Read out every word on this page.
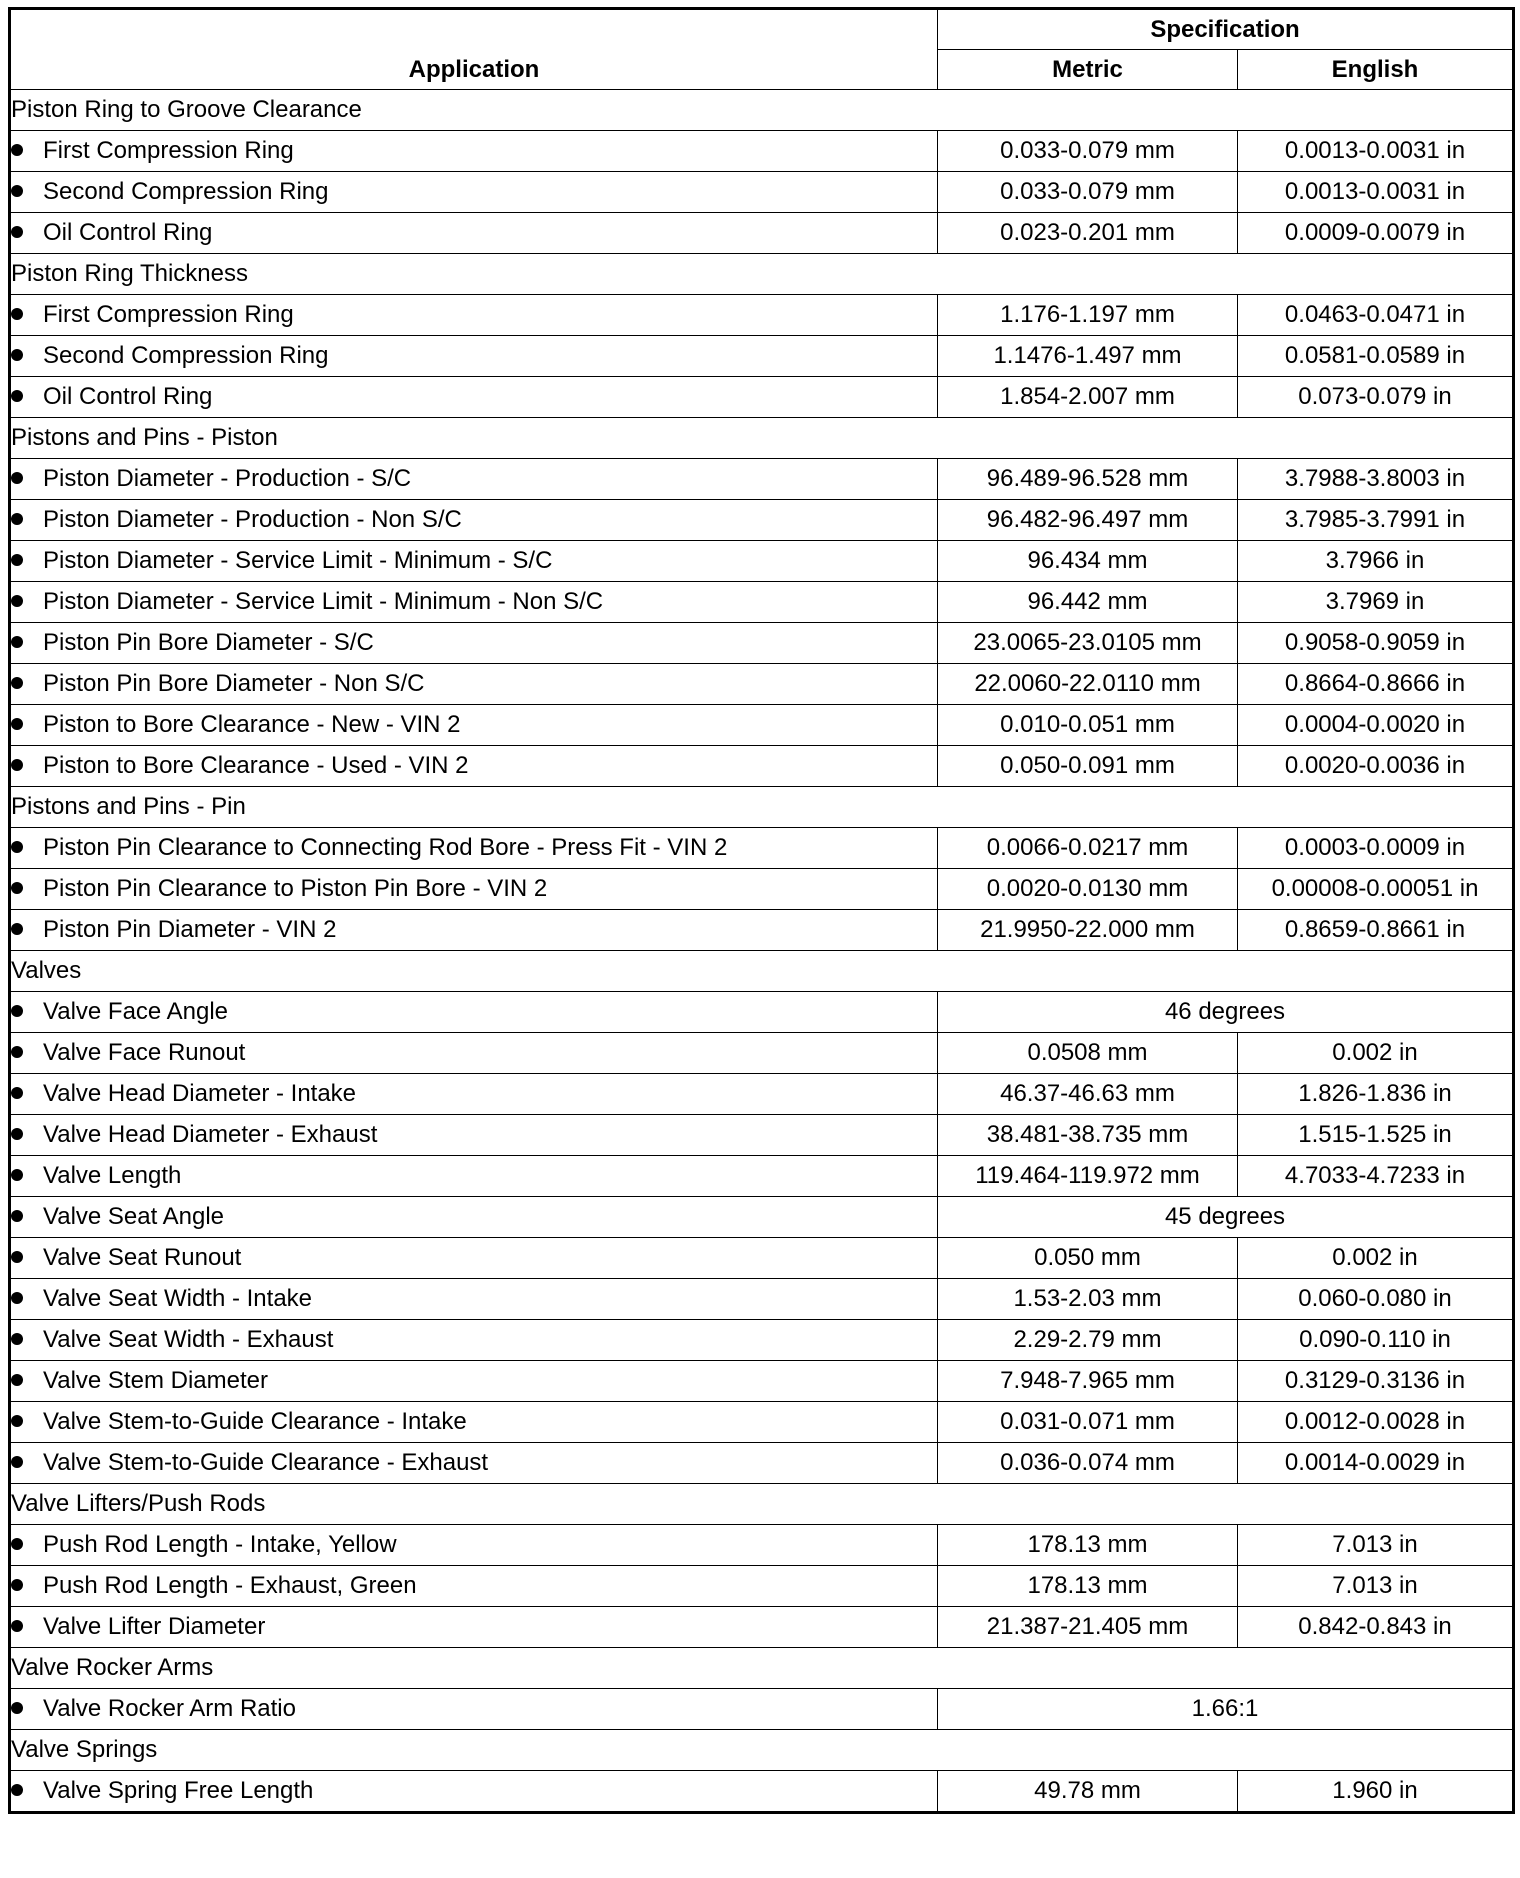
Application	Specification	
	Metric	English
Piston Ring to Groove Clearance		
First Compression Ring	0.033-0.079 mm	0.0013-0.0031 in
Second Compression Ring	0.033-0.079 mm	0.0013-0.0031 in
Oil Control Ring	0.023-0.201 mm	0.0009-0.0079 in
Piston Ring Thickness		
First Compression Ring	1.176-1.197 mm	0.0463-0.0471 in
Second Compression Ring	1.1476-1.497 mm	0.0581-0.0589 in
Oil Control Ring	1.854-2.007 mm	0.073-0.079 in
Pistons and Pins - Piston		
Piston Diameter - Production - S/C	96.489-96.528 mm	3.7988-3.8003 in
Piston Diameter - Production - Non S/C	96.482-96.497 mm	3.7985-3.7991 in
Piston Diameter - Service Limit - Minimum - S/C	96.434 mm	3.7966 in
Piston Diameter - Service Limit - Minimum - Non S/C	96.442 mm	3.7969 in
Piston Pin Bore Diameter - S/C	23.0065-23.0105 mm	0.9058-0.9059 in
Piston Pin Bore Diameter - Non S/C	22.0060-22.0110 mm	0.8664-0.8666 in
Piston to Bore Clearance - New - VIN 2	0.010-0.051 mm	0.0004-0.0020 in
Piston to Bore Clearance - Used - VIN 2	0.050-0.091 mm	0.0020-0.0036 in
Pistons and Pins - Pin		
Piston Pin Clearance to Connecting Rod Bore - Press Fit - VIN 2	0.0066-0.0217 mm	0.0003-0.0009 in
Piston Pin Clearance to Piston Pin Bore - VIN 2	0.0020-0.0130 mm	0.00008-0.00051 in
Piston Pin Diameter - VIN 2	21.9950-22.000 mm	0.8659-0.8661 in
Valves		
Valve Face Angle	46 degrees	
Valve Face Runout	0.0508 mm	0.002 in
Valve Head Diameter - Intake	46.37-46.63 mm	1.826-1.836 in
Valve Head Diameter - Exhaust	38.481-38.735 mm	1.515-1.525 in
Valve Length	119.464-119.972 mm	4.7033-4.7233 in
Valve Seat Angle	45 degrees	
Valve Seat Runout	0.050 mm	0.002 in
Valve Seat Width - Intake	1.53-2.03 mm	0.060-0.080 in
Valve Seat Width - Exhaust	2.29-2.79 mm	0.090-0.110 in
Valve Stem Diameter	7.948-7.965 mm	0.3129-0.3136 in
Valve Stem-to-Guide Clearance - Intake	0.031-0.071 mm	0.0012-0.0028 in
Valve Stem-to-Guide Clearance - Exhaust	0.036-0.074 mm	0.0014-0.0029 in
Valve Lifters/Push Rods		
Push Rod Length - Intake, Yellow	178.13 mm	7.013 in
Push Rod Length - Exhaust, Green	178.13 mm	7.013 in
Valve Lifter Diameter	21.387-21.405 mm	0.842-0.843 in
Valve Rocker Arms		
Valve Rocker Arm Ratio	1.66:1	
Valve Springs		
Valve Spring Free Length	49.78 mm	1.960 in
